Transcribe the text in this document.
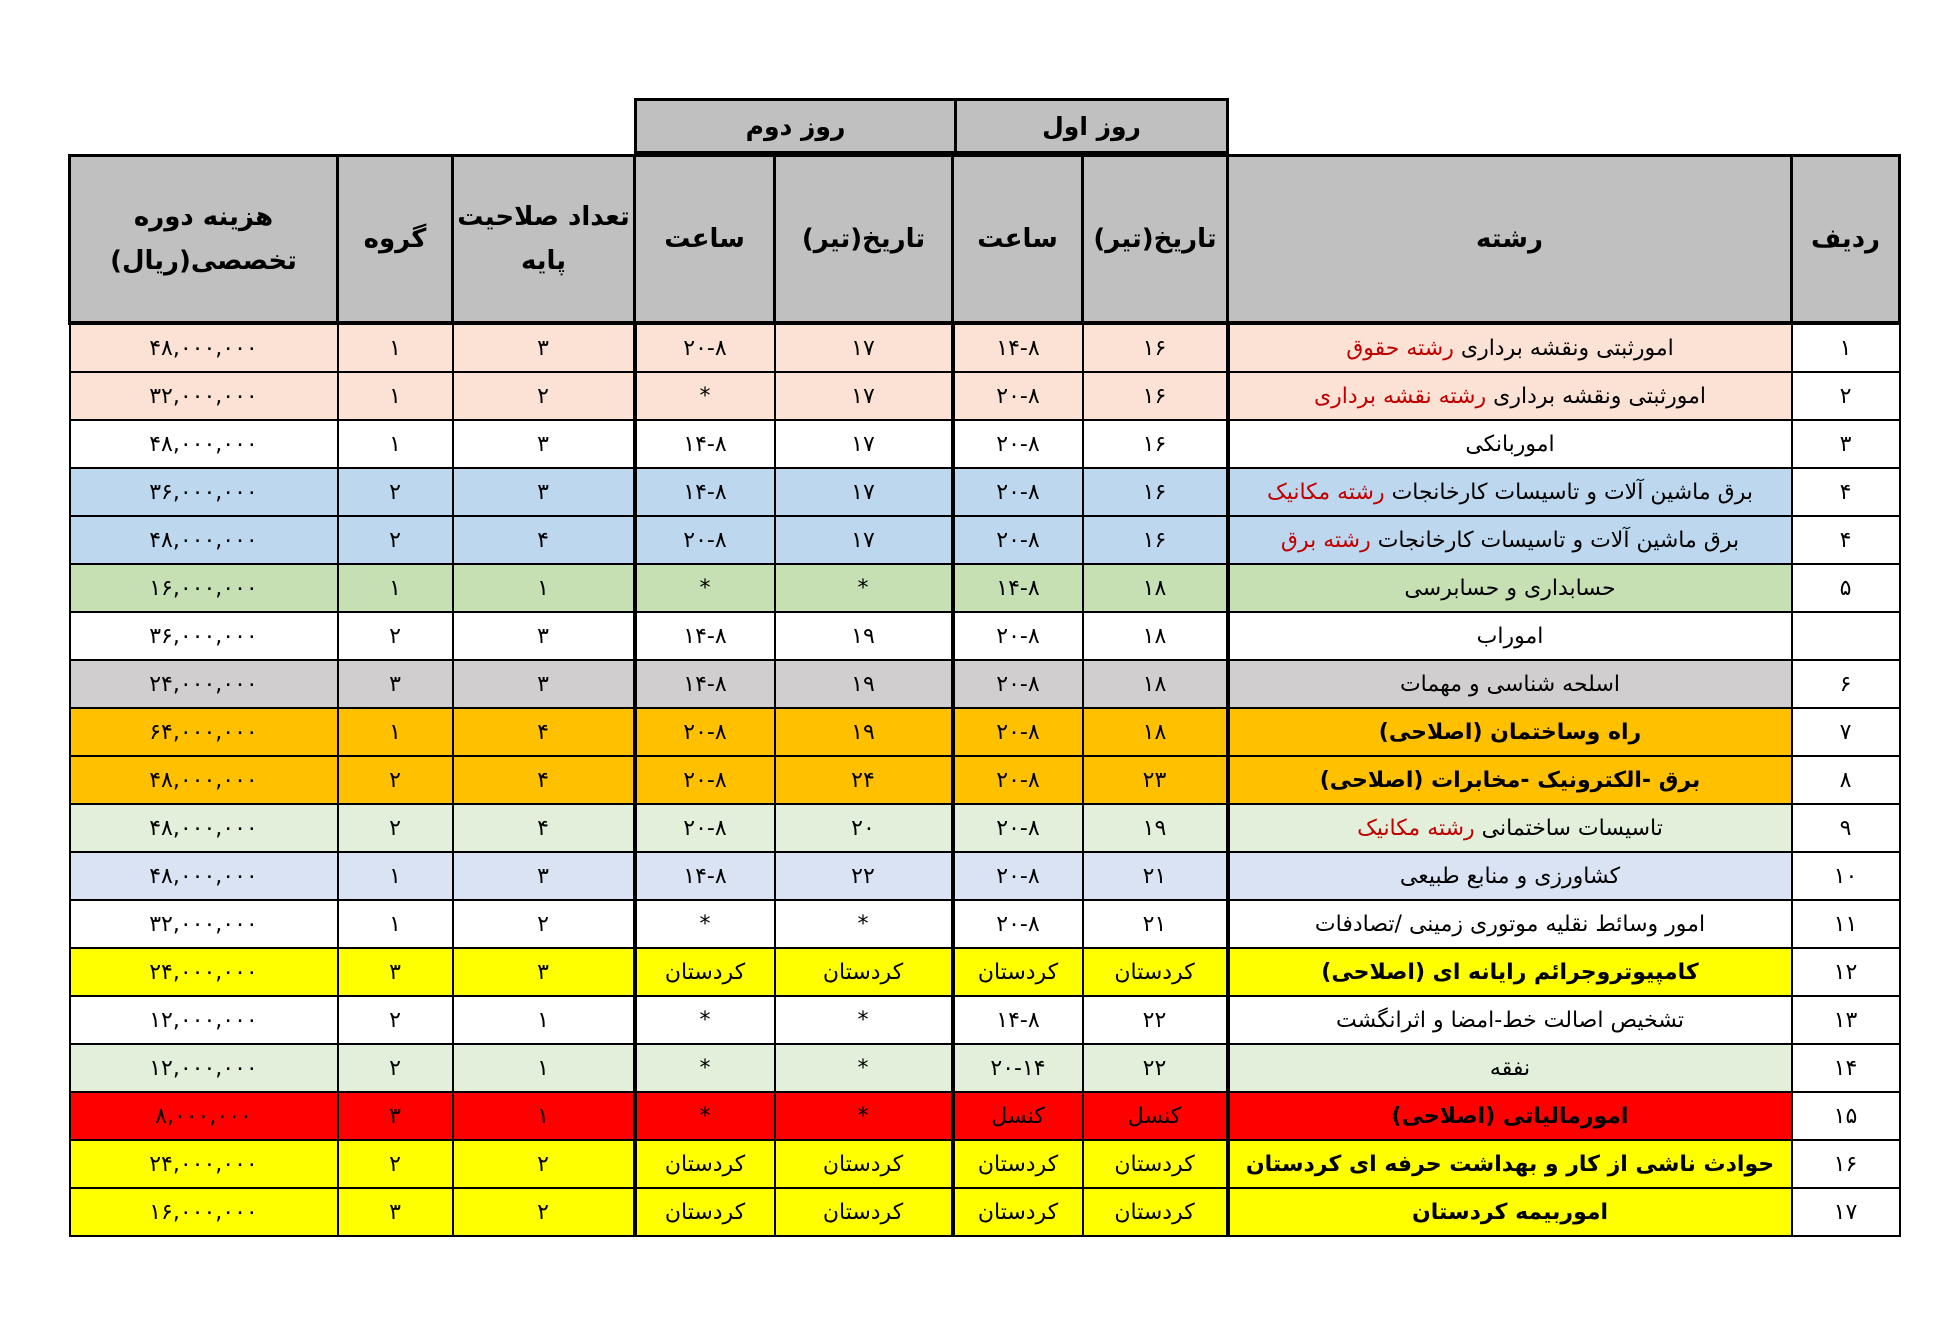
روز اول
روز دوم
ردیف	رشته	تاریخ(تیر)	ساعت	تاریخ(تیر)	ساعت	تعداد صلاحیت پایه	گروه	هزینه دوره تخصصی(ریال)
۱	امورثبتی ونقشه برداری رشته حقوق	۱۶	۱۴-۸	۱۷	۲۰-۸	۳	۱	۴۸,۰۰۰,۰۰۰
۲	امورثبتی ونقشه برداری رشته نقشه برداری	۱۶	۲۰-۸	۱۷	*	۲	۱	۳۲,۰۰۰,۰۰۰
۳	اموربانکی	۱۶	۲۰-۸	۱۷	۱۴-۸	۳	۱	۴۸,۰۰۰,۰۰۰
۴	برق ماشین آلات و تاسیسات کارخانجات رشته مکانیک	۱۶	۲۰-۸	۱۷	۱۴-۸	۳	۲	۳۶,۰۰۰,۰۰۰
۴	برق ماشین آلات و تاسیسات کارخانجات رشته برق	۱۶	۲۰-۸	۱۷	۲۰-۸	۴	۲	۴۸,۰۰۰,۰۰۰
۵	حسابداری و حسابرسی	۱۸	۱۴-۸	*	*	۱	۱	۱۶,۰۰۰,۰۰۰
	اموراب	۱۸	۲۰-۸	۱۹	۱۴-۸	۳	۲	۳۶,۰۰۰,۰۰۰
۶	اسلحه شناسی و مهمات	۱۸	۲۰-۸	۱۹	۱۴-۸	۳	۳	۲۴,۰۰۰,۰۰۰
۷	راه وساختمان (اصلاحی)	۱۸	۲۰-۸	۱۹	۲۰-۸	۴	۱	۶۴,۰۰۰,۰۰۰
۸	برق -الکترونیک -مخابرات (اصلاحی)	۲۳	۲۰-۸	۲۴	۲۰-۸	۴	۲	۴۸,۰۰۰,۰۰۰
۹	تاسیسات ساختمانی رشته مکانیک	۱۹	۲۰-۸	۲۰	۲۰-۸	۴	۲	۴۸,۰۰۰,۰۰۰
۱۰	کشاورزی و منابع طبیعی	۲۱	۲۰-۸	۲۲	۱۴-۸	۳	۱	۴۸,۰۰۰,۰۰۰
۱۱	امور وسائط نقلیه موتوری زمینی /تصادفات	۲۱	۲۰-۸	*	*	۲	۱	۳۲,۰۰۰,۰۰۰
۱۲	کامپیوتروجرائم رایانه ای (اصلاحی)	کردستان	کردستان	کردستان	کردستان	۳	۳	۲۴,۰۰۰,۰۰۰
۱۳	تشخیص اصالت خط-امضا و اثرانگشت	۲۲	۱۴-۸	*	*	۱	۲	۱۲,۰۰۰,۰۰۰
۱۴	نفقه	۲۲	۲۰-۱۴	*	*	۱	۲	۱۲,۰۰۰,۰۰۰
۱۵	امورمالیاتی (اصلاحی)	کنسل	کنسل	*	*	۱	۳	۸,۰۰۰,۰۰۰
۱۶	حوادث ناشی از کار و بهداشت حرفه ای کردستان	کردستان	کردستان	کردستان	کردستان	۲	۲	۲۴,۰۰۰,۰۰۰
۱۷	اموربیمه کردستان	کردستان	کردستان	کردستان	کردستان	۲	۳	۱۶,۰۰۰,۰۰۰
